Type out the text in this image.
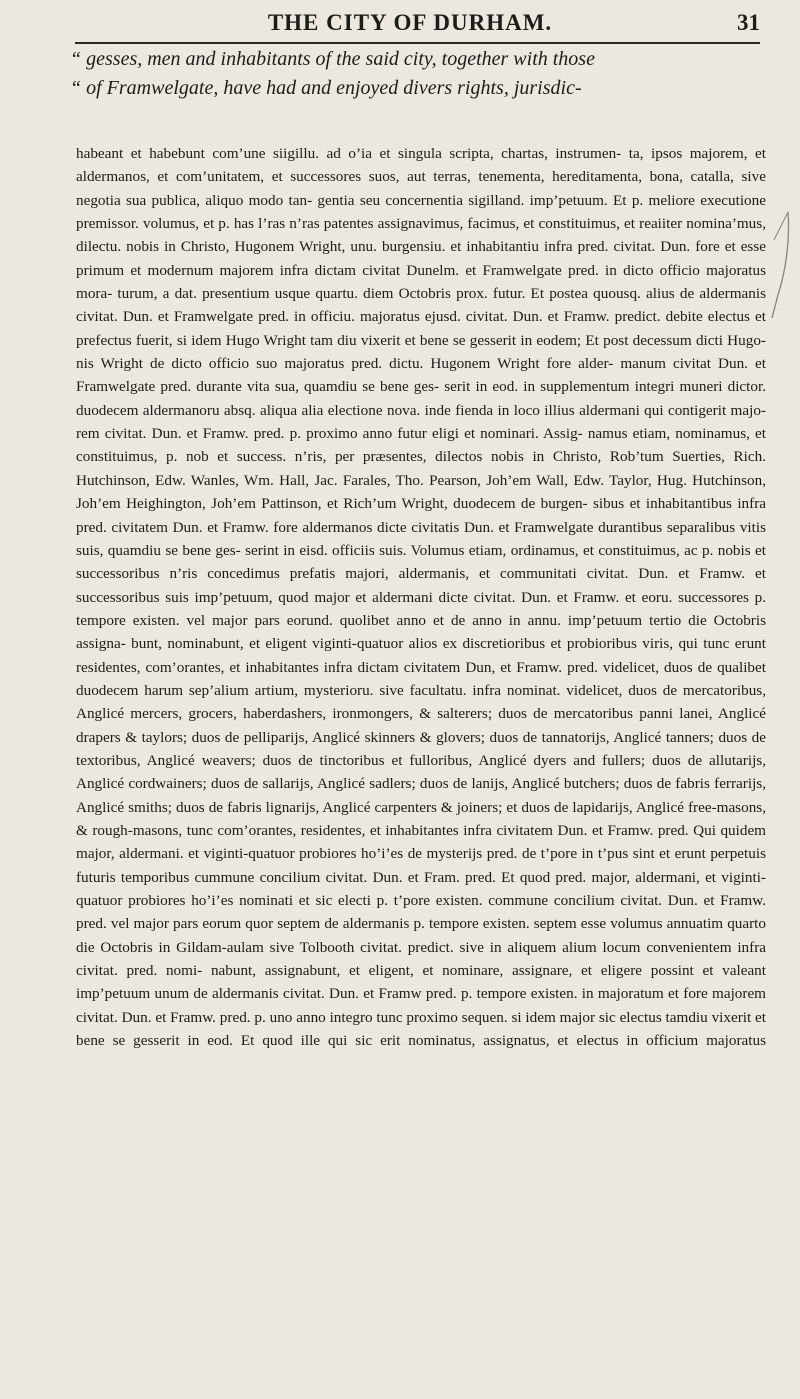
THE CITY OF DURHAM.	31
“ gesses, men and inhabitants of the said city, together with those
“ of Framwelgate, have had and enjoyed divers rights, jurisdic-
habeant et habebunt com’une siigillu. ad o’ia et singula scripta, chartas, instrumen- ta, ipsos majorem, et aldermanos, et com’unitatem, et successores suos, aut terras, tenementa, hereditamenta, bona, catalla, sive negotia sua publica, aliquo modo tan- gentia seu concernentia sigilland. imp’petuum. Et p. meliore executione premissor. volumus, et p. has l’ras n’ras patentes assignavimus, facimus, et constituimus, et reaiiter nomina’mus, dilectu. nobis in Christo, Hugonem Wright, unu. burgensiu. et inhabitantiu infra pred. civitat. Dun. fore et esse primum et modernum majorem infra dictam civitat Dunelm. et Framwelgate pred. in dicto officio majoratus mora- turum, a dat. presentium usque quartu. diem Octobris prox. futur. Et postea quousq. alius de aldermanis civitat. Dun. et Framwelgate pred. in officiu. majoratus ejusd. civitat. Dun. et Framw. predict. debite electus et prefectus fuerit, si idem Hugo Wright tam diu vixerit et bene se gesserit in eodem; Et post decessum dicti Hugo- nis Wright de dicto officio suo majoratus pred. dictu. Hugonem Wright fore alder- manum civitat Dun. et Framwelgate pred. durante vita sua, quamdiu se bene ges- serit in eod. in supplementum integri muneri dictor. duodecem aldermanoru absq. aliqua alia electione nova. inde fienda in loco illius aldermani qui contigerit majo- rem civitat. Dun. et Framw. pred. p. proximo anno futur eligi et nominari. Assig- namus etiam, nominamus, et constituimus, p. nob et success. n’ris, per præsentes, dilectos nobis in Christo, Rob’tum Suerties, Rich. Hutchinson, Edw. Wanles, Wm. Hall, Jac. Farales, Tho. Pearson, Joh’em Wall, Edw. Taylor, Hug. Hutchinson, Joh’em Heighington, Joh’em Pattinson, et Rich’um Wright, duodecem de burgen- sibus et inhabitantibus infra pred. civitatem Dun. et Framw. fore aldermanos dicte civitatis Dun. et Framwelgate durantibus separalibus vitis suis, quamdiu se bene ges- serint in eisd. officiis suis. Volumus etiam, ordinamus, et constituimus, ac p. nobis et successoribus n’ris concedimus prefatis majori, aldermanis, et communitati civitat. Dun. et Framw. et successoribus suis imp’petuum, quod major et aldermani dicte civitat. Dun. et Framw. et eoru. successores p. tempore existen. vel major pars eorund. quolibet anno et de anno in annu. imp’petuum tertio die Octobris assigna- bunt, nominabunt, et eligent viginti-quatuor alios ex discretioribus et probioribus viris, qui tunc erunt residentes, com’orantes, et inhabitantes infra dictam civitatem Dun, et Framw. pred. videlicet, duos de qualibet duodecem harum sep’alium artium, mysterioru. sive facultatu. infra nominat. videlicet, duos de mercatoribus, Anglicé mercers, grocers, haberdashers, ironmongers, & salterers; duos de mercatoribus panni lanei, Anglicé drapers & taylors; duos de pelliparijs, Anglicé skinners & glovers; duos de tannatorijs, Anglicé tanners; duos de textoribus, Anglicé weavers; duos de tinctoribus et fulloribus, Anglicé dyers and fullers; duos de allutarijs, Anglicé cordwainers; duos de sallarijs, Anglicé sadlers; duos de lanijs, Anglicé butchers; duos de fabris ferrarijs, Anglicé smiths; duos de fabris lignarijs, Anglicé carpenters & joiners; et duos de lapidarijs, Anglicé free-masons, & rough-masons, tunc com’orantes, residentes, et inhabitantes infra civitatem Dun. et Framw. pred. Qui quidem major, aldermani. et viginti-quatuor probiores ho’i’es de mysterijs pred. de t’pore in t’pus sint et erunt perpetuis futuris temporibus cummune concilium civitat. Dun. et Fram. pred. Et quod pred. major, aldermani, et viginti-quatuor probiores ho’i’es nominati et sic electi p. t’pore existen. commune concilium civitat. Dun. et Framw. pred. vel major pars eorum quor septem de aldermanis p. tempore existen. septem esse volumus annuatim quarto die Octobris in Gildam-aulam sive Tolbooth civitat. predict. sive in aliquem alium locum convenientem infra civitat. pred. nomi- nabunt, assignabunt, et eligent, et nominare, assignare, et eligere possint et valeant imp’petuum unum de aldermanis civitat. Dun. et Framw pred. p. tempore existen. in majoratum et fore majorem civitat. Dun. et Framw. pred. p. uno anno integro tunc proximo sequen. si idem major sic electus tamdiu vixerit et bene se gesserit in eod. Et quod ille qui sic erit nominatus, assignatus, et electus in officium majoratus
